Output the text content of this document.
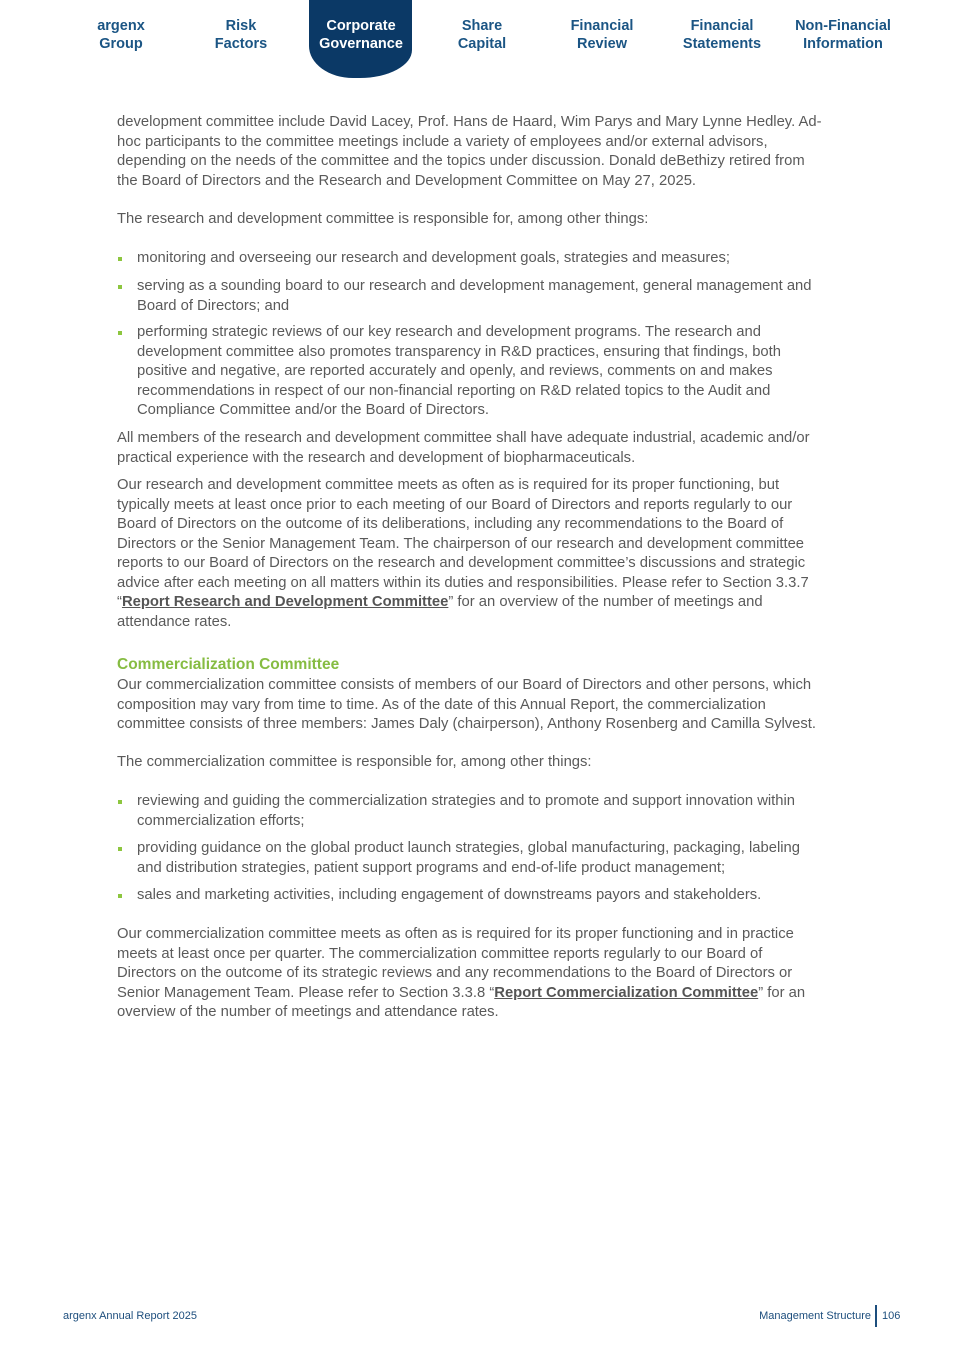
argenx
Group
Risk
Factors
Corporate
Governance
Share
Capital
Financial
Review
Financial
Statements
Non-Financial
Information
development committee include David Lacey, Prof. Hans de Haard, Wim Parys and Mary Lynne Hedley. Ad-
hoc participants to the committee meetings include a variety of employees and/or external advisors,
depending on the needs of the committee and the topics under discussion. Donald deBethizy retired from
the Board of Directors and the Research and Development Committee on May 27, 2025.
The research and development committee is responsible for, among other things:
monitoring and overseeing our research and development goals, strategies and measures;
serving as a sounding board to our research and development management, general management and
Board of Directors; and
performing strategic reviews of our key research and development programs. The research and
development committee also promotes transparency in R&D practices, ensuring that findings, both
positive and negative, are reported accurately and openly, and reviews, comments on and makes
recommendations in respect of our non-financial reporting on R&D related topics to the Audit and
Compliance Committee and/or the Board of Directors.
All members of the research and development committee shall have adequate industrial, academic and/or
practical experience with the research and development of biopharmaceuticals.
Our research and development committee meets as often as is required for its proper functioning, but
typically meets at least once prior to each meeting of our Board of Directors and reports regularly to our
Board of Directors on the outcome of its deliberations, including any recommendations to the Board of
Directors or the Senior Management Team. The chairperson of our research and development committee
reports to our Board of Directors on the research and development committee’s discussions and strategic
advice after each meeting on all matters within its duties and responsibilities. Please refer to Section 3.3.7
“Report Research and Development Committee” for an overview of the number of meetings and
attendance rates.
Commercialization Committee
Our commercialization committee consists of members of our Board of Directors and other persons, which
composition may vary from time to time. As of the date of this Annual Report, the commercialization
committee consists of three members: James Daly (chairperson), Anthony Rosenberg and Camilla Sylvest.
The commercialization committee is responsible for, among other things:
reviewing and guiding the commercialization strategies and to promote and support innovation within
commercialization efforts;
providing guidance on the global product launch strategies, global manufacturing, packaging, labeling
and distribution strategies, patient support programs and end-of-life product management;
sales and marketing activities, including engagement of downstreams payors and stakeholders.
Our commercialization committee meets as often as is required for its proper functioning and in practice
meets at least once per quarter. The commercialization committee reports regularly to our Board of
Directors on the outcome of its strategic reviews and any recommendations to the Board of Directors or
Senior Management Team. Please refer to Section 3.3.8 “Report Commercialization Committee” for an
overview of the number of meetings and attendance rates.
argenx Annual Report 2025	Management Structure 106
